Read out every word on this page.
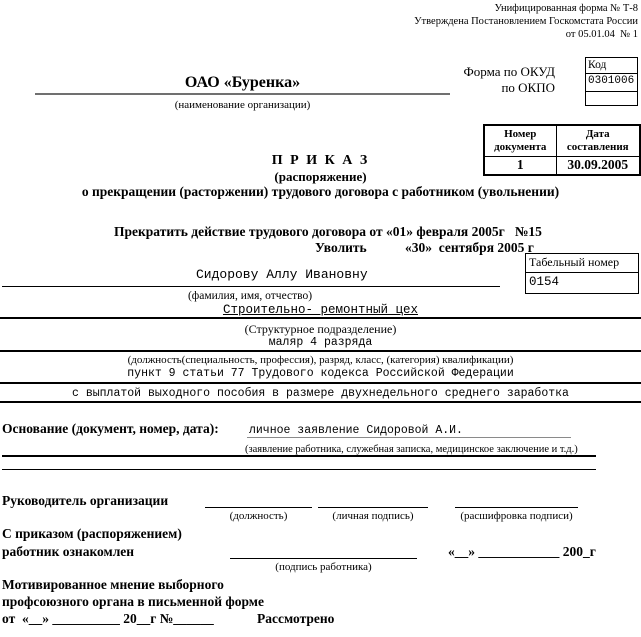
Унифицированная форма № Т-8
Утверждена Постановлением Госкомстата России
от 05.01.04  № 1
ОАО «Буренка»
(наименование организации)
Форма по ОКУД
по ОКПО
Код
0301006
Номер документа	Дата составления
1	30.09.2005
П Р И К А З
(распоряжение)
о прекращении (расторжении) трудового договора с работником (увольнении)
Прекратить действие трудового договора от «01» февраля 2005г   №15
Уволить	«30»  сентября 2005 г
Табельный номер
0154
Сидорову Аллу Ивановну
(фамилия, имя, отчество)
Строительно- ремонтный цех
(Структурное подразделение)
маляр 4 разряда
(должность(специальность, профессия), разряд, класс, (категория) квалификации)
пункт 9 статьи 77 Трудового кодекса Российской Федерации
с выплатой выходного пособия в размере двухнедельного среднего заработка
Основание (документ, номер, дата):	личное заявление Сидоровой А.И.
(заявление работника, служебная записка, медицинское заключение и т.д.)
Руководитель организации
(должность)	(личная подпись)	(расшифровка подписи)
С приказом (распоряжением)
работник ознакомлен	«__» ____________ 200_г
(подпись работника)
Мотивированное мнение выборного
профсоюзного органа в письменной форме
от  «__» __________ 20__г №______	Рассмотрено
